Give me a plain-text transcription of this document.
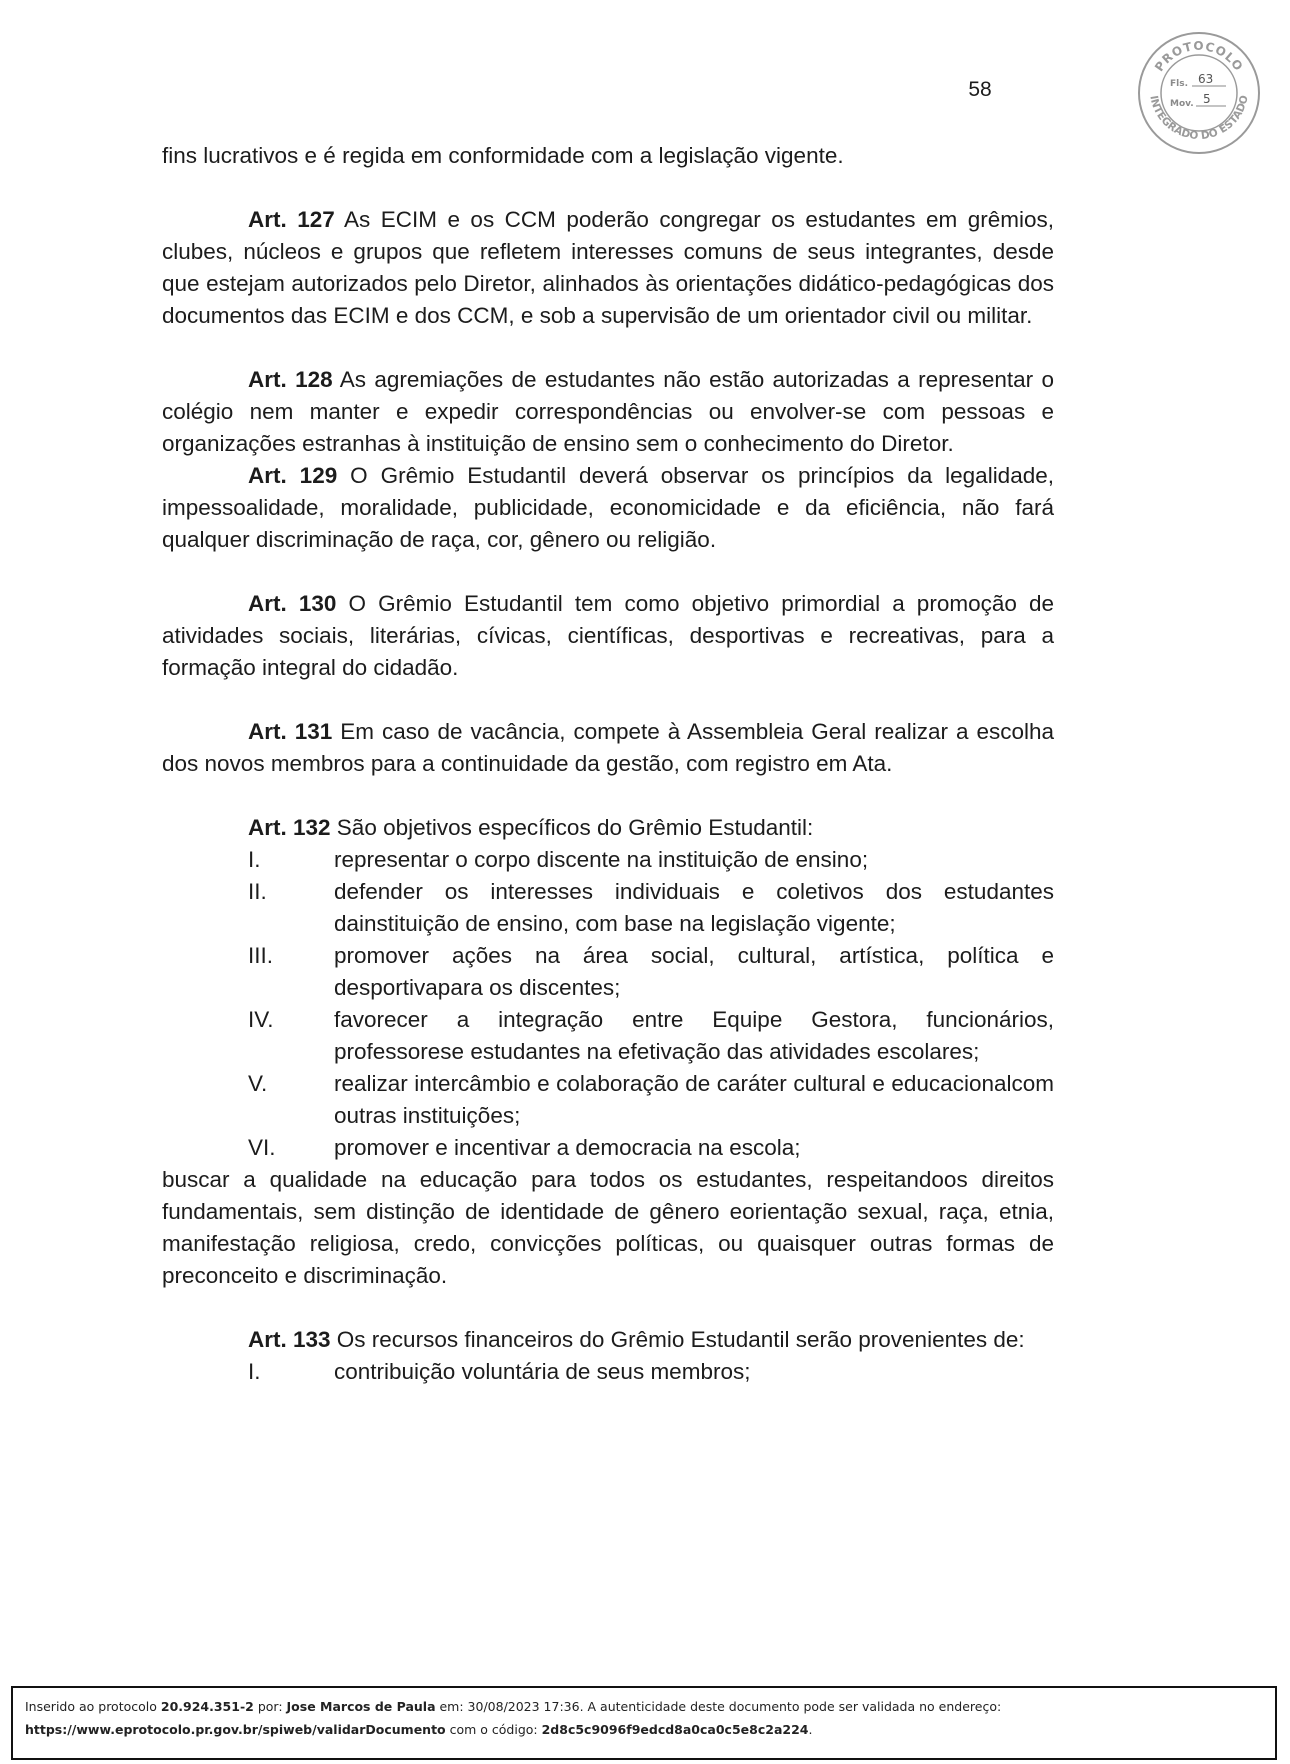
58
PROTOCOLO
INTEGRADO DO ESTADO
Fls. 63
Mov. 5

fins lucrativos e é regida em conformidade com a legislação vigente.

Art. 127 As ECIM e os CCM poderão congregar os estudantes em grêmios, clubes, núcleos e grupos que refletem interesses comuns de seus integrantes, desde que estejam autorizados pelo Diretor, alinhados às orientações didático-pedagógicas dos documentos das ECIM e dos CCM, e sob a supervisão de um orientador civil ou militar.

Art. 128 As agremiações de estudantes não estão autorizadas a representar o colégio nem manter e expedir correspondências ou envolver-se com pessoas e organizações estranhas à instituição de ensino sem o conhecimento do Diretor.

Art. 129 O Grêmio Estudantil deverá observar os princípios da legalidade, impessoalidade, moralidade, publicidade, economicidade e da eficiência, não fará qualquer discriminação de raça, cor, gênero ou religião.

Art. 130 O Grêmio Estudantil tem como objetivo primordial a promoção de atividades sociais, literárias, cívicas, científicas, desportivas e recreativas, para a formação integral do cidadão.

Art. 131 Em caso de vacância, compete à Assembleia Geral realizar a escolha dos novos membros para a continuidade da gestão, com registro em Ata.

Art. 132 São objetivos específicos do Grêmio Estudantil:

I.	representar o corpo discente na instituição de ensino;
II.	defender os interesses individuais e coletivos dos estudantes dainstituição de ensino, com base na legislação vigente;
III.	promover ações na área social, cultural, artística, política e desportivapara os discentes;
IV.	favorecer a integração entre Equipe Gestora, funcionários, professorese estudantes na efetivação das atividades escolares;
V.	realizar intercâmbio e colaboração de caráter cultural e educacionalcom outras instituições;
VI.	promover e incentivar a democracia na escola;

buscar a qualidade na educação para todos os estudantes, respeitandoos direitos fundamentais, sem distinção de identidade de gênero eorientação sexual, raça, etnia, manifestação religiosa, credo, convicções políticas, ou quaisquer outras formas de preconceito e discriminação.

Art. 133 Os recursos financeiros do Grêmio Estudantil serão provenientes de:

I.	contribuição voluntária de seus membros;
Inserido ao protocolo 20.924.351-2 por: Jose Marcos de Paula em: 30/08/2023 17:36. A autenticidade deste documento pode ser validada no endereço:
https://www.eprotocolo.pr.gov.br/spiweb/validarDocumento com o código: 2d8c5c9096f9edcd8a0ca0c5e8c2a224.
